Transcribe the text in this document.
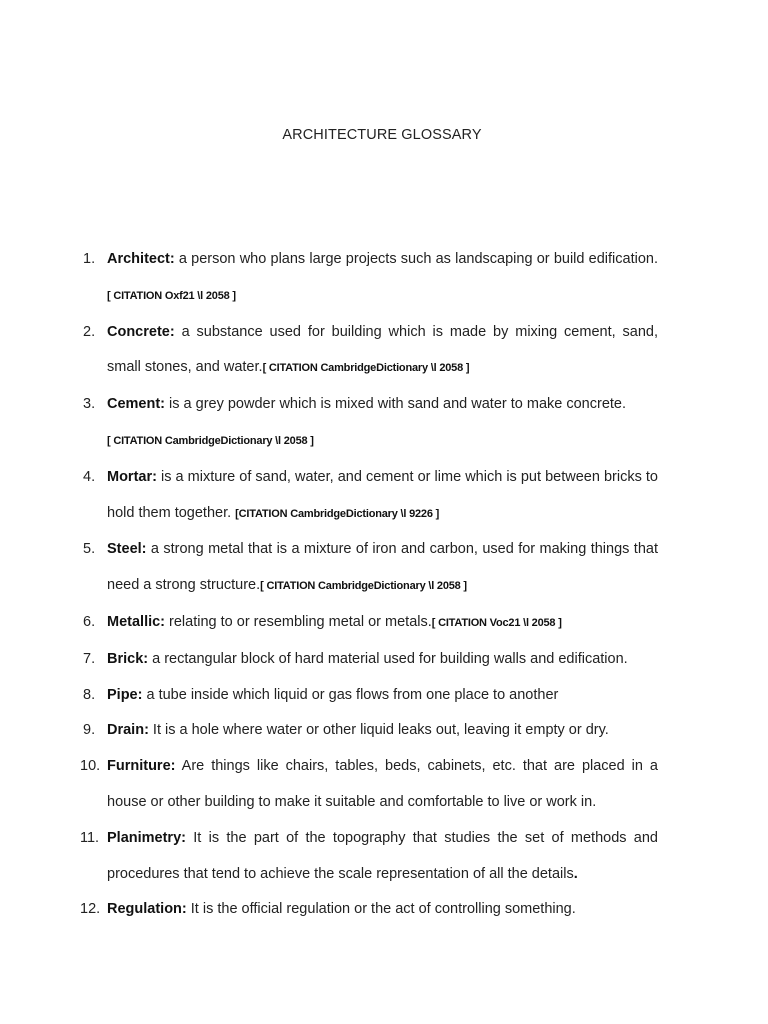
ARCHITECTURE GLOSSARY
1. Architect: a person who plans large projects such as landscaping or build edification.[ CITATION Oxf21 \l 2058 ]
2. Concrete: a substance used for building which is made by mixing cement, sand, small stones, and water.[ CITATION CambridgeDictionary \l 2058 ]
3. Cement: is a grey powder which is mixed with sand and water to make concrete.
[ CITATION CambridgeDictionary \l 2058 ]
4. Mortar: is a mixture of sand, water, and cement or lime which is put between bricks to hold them together. [CITATION CambridgeDictionary \l 9226 ]
5. Steel: a strong metal that is a mixture of iron and carbon, used for making things that need a strong structure.[ CITATION CambridgeDictionary \l 2058 ]
6. Metallic: relating to or resembling metal or metals.[ CITATION Voc21 \l 2058 ]
7. Brick: a rectangular block of hard material used for building walls and edification.
8. Pipe: a tube inside which liquid or gas flows from one place to another
9. Drain: It is a hole where water or other liquid leaks out, leaving it empty or dry.
10. Furniture: Are things like chairs, tables, beds, cabinets, etc. that are placed in a house or other building to make it suitable and comfortable to live or work in.
11. Planimetry: It is the part of the topography that studies the set of methods and procedures that tend to achieve the scale representation of all the details.
12. Regulation: It is the official regulation or the act of controlling something.
